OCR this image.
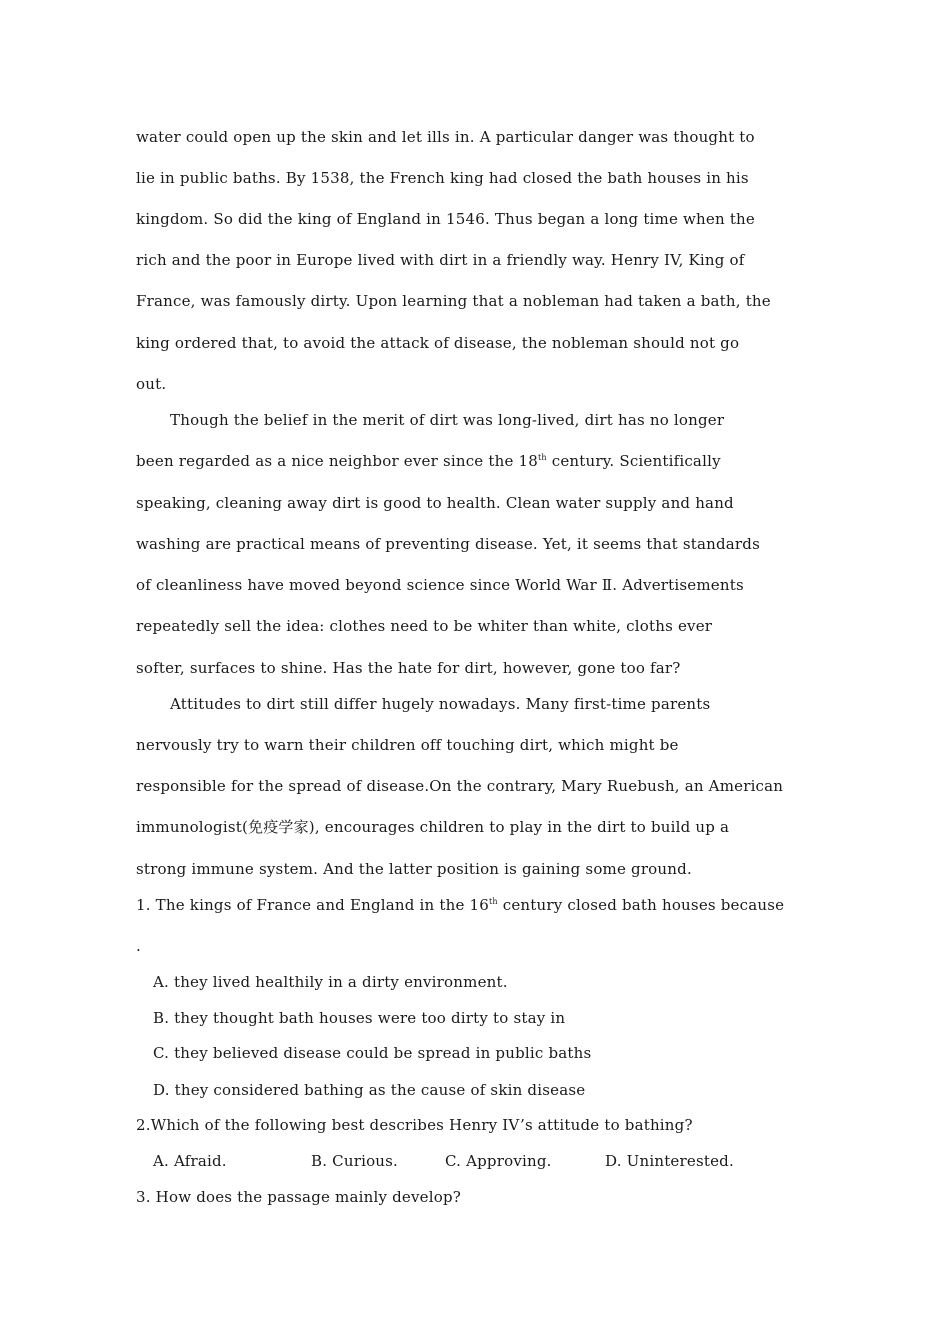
water could open up the skin and let ills in. A particular danger was thought to
lie in public baths. By 1538, the French king had closed the bath houses in his
kingdom. So did the king of England in 1546. Thus began a long time when the
rich and the poor in Europe lived with dirt in a friendly way. Henry IV, King of
France, was famously dirty. Upon learning that a nobleman had taken a bath, the
king ordered that, to avoid the attack of disease, the nobleman should not go
out.
Though the belief in the merit of dirt was long-lived, dirt has no longer
been regarded as a nice neighbor ever since the 18th century. Scientifically
speaking, cleaning away dirt is good to health. Clean water supply and hand
washing are practical means of preventing disease. Yet, it seems that standards
of cleanliness have moved beyond science since World War Ⅱ. Advertisements
repeatedly sell the idea: clothes need to be whiter than white, cloths ever
softer, surfaces to shine. Has the hate for dirt, however, gone too far?
Attitudes to dirt still differ hugely nowadays. Many first-time parents
nervously try to warn their children off touching dirt, which might be
responsible for the spread of disease.On the contrary, Mary Ruebush, an American
immunologist(免疫学家), encourages children to play in the dirt to build up a
strong immune system. And the latter position is gaining some ground.
1. The kings of France and England in the 16th century closed bath houses because
.
A. they lived healthily in a dirty environment.
B. they thought bath houses were too dirty to stay in
C. they believed disease could be spread in public baths
D. they considered bathing as the cause of skin disease
2.Which of the following best describes Henry IV’s attitude to bathing?
A. Afraid.	B. Curious.	C. Approving.	D. Uninterested.
3. How does the passage mainly develop?
